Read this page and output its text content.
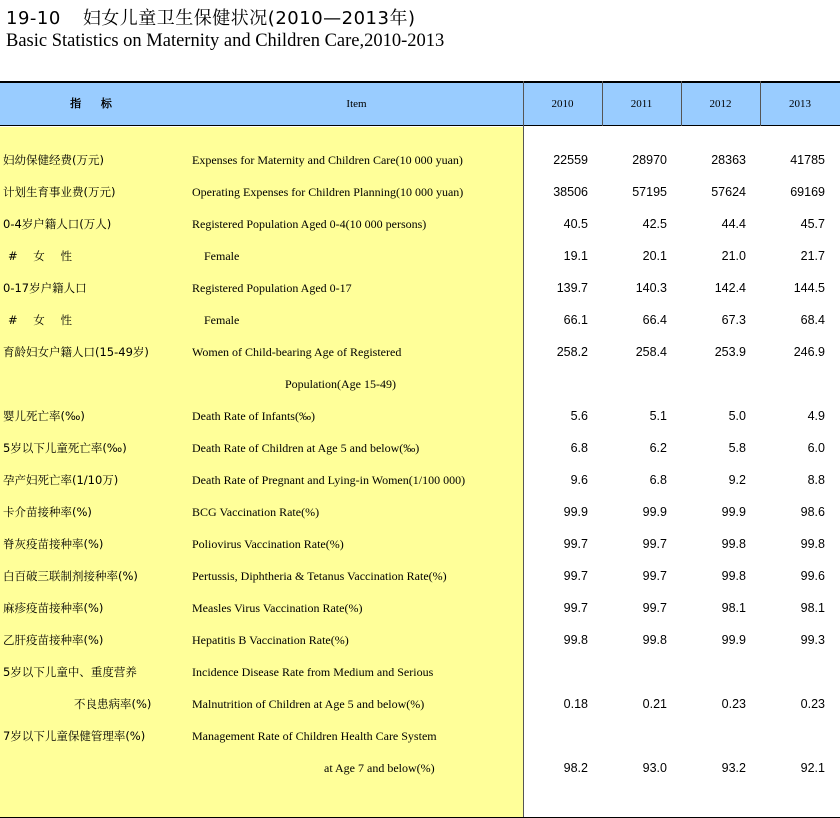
19-10 妇女儿童卫生保健状况(2010—2013年)
Basic Statistics on Maternity and Children Care,2010-2013
指 标	Item	2010	2011	2012	2013
妇幼保健经费(万元)	Expenses for Maternity and Children Care(10 000 yuan)	22559	28970	28363	41785
计划生育事业费(万元)	Operating Expenses for Children Planning(10 000 yuan)	38506	57195	57624	69169
0-4岁户籍人口(万人)	Registered Population Aged 0-4(10 000 persons)	40.5	42.5	44.4	45.7
# 女 性	Female	19.1	20.1	21.0	21.7
0-17岁户籍人口	Registered Population Aged 0-17	139.7	140.3	142.4	144.5
# 女 性	Female	66.1	66.4	67.3	68.4
育龄妇女户籍人口(15-49岁)	Women of Child-bearing Age of Registered	258.2	258.4	253.9	246.9
Population(Age 15-49)
婴儿死亡率(‰)	Death Rate of Infants(‰)	5.6	5.1	5.0	4.9
5岁以下儿童死亡率(‰)	Death Rate of Children at Age 5 and below(‰)	6.8	6.2	5.8	6.0
孕产妇死亡率(1/10万)	Death Rate of Pregnant and Lying-in Women(1/100 000)	9.6	6.8	9.2	8.8
卡介苗接种率(%)	BCG Vaccination Rate(%)	99.9	99.9	99.9	98.6
脊灰疫苗接种率(%)	Poliovirus Vaccination Rate(%)	99.7	99.7	99.8	99.8
白百破三联制剂接种率(%)	Pertussis, Diphtheria & Tetanus Vaccination Rate(%)	99.7	99.7	99.8	99.6
麻疹疫苗接种率(%)	Measles Virus Vaccination Rate(%)	99.7	99.7	98.1	98.1
乙肝疫苗接种率(%)	Hepatitis B Vaccination Rate(%)	99.8	99.8	99.9	99.3
5岁以下儿童中、重度营养	Incidence Disease Rate from Medium and Serious
不良患病率(%)	Malnutrition of Children at Age 5 and below(%)	0.18	0.21	0.23	0.23
7岁以下儿童保健管理率(%)	Management Rate of Children Health Care System
at Age 7 and below(%)	98.2	93.0	93.2	92.1
